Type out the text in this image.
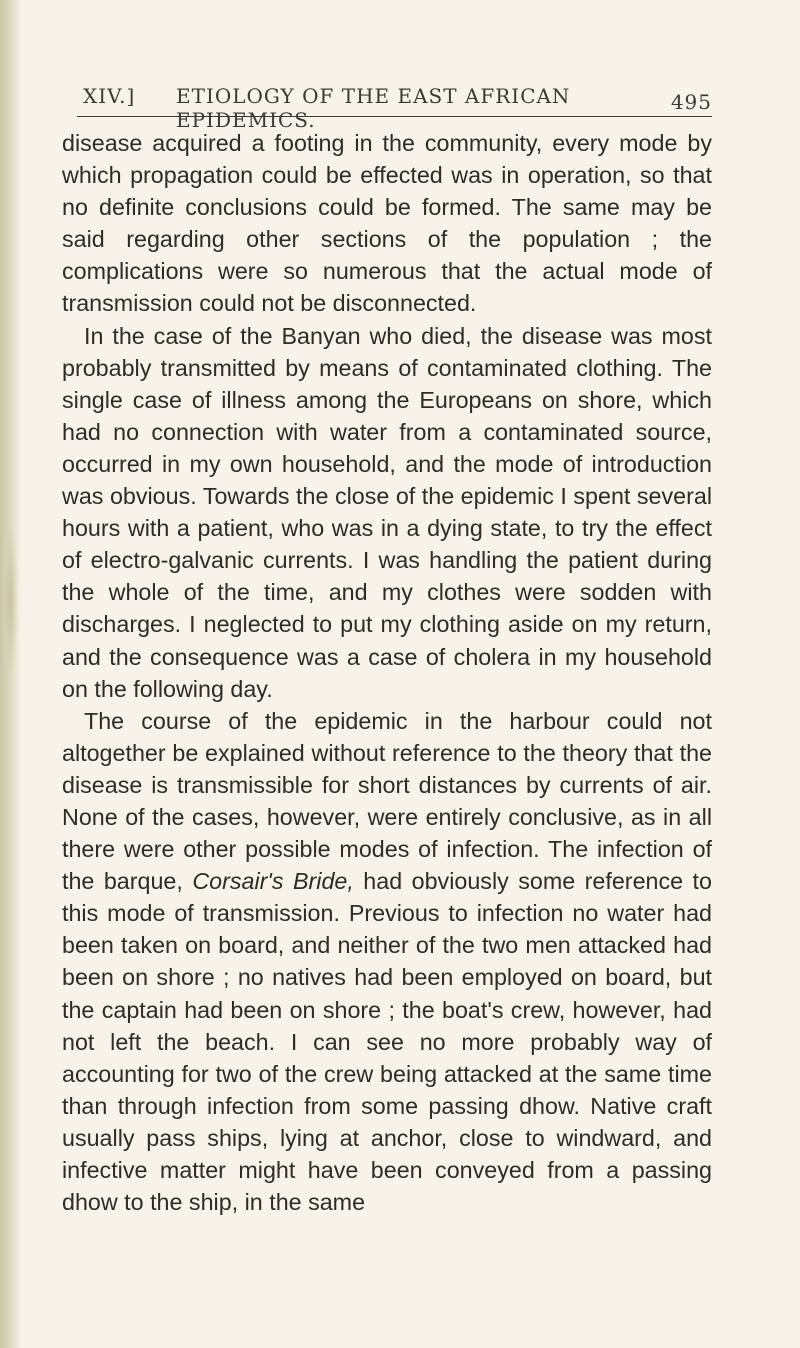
XIV.] ETIOLOGY OF THE EAST AFRICAN EPIDEMICS.
495

disease acquired a footing in the community, every mode by which propagation could be effected was in operation, so that no definite conclusions could be formed. The same may be said regarding other sections of the population ; the complications were so numerous that the actual mode of transmission could not be disconnected.

In the case of the Banyan who died, the disease was most probably transmitted by means of contaminated clothing. The single case of illness among the Europeans on shore, which had no connection with water from a contaminated source, occurred in my own household, and the mode of introduction was obvious. Towards the close of the epidemic I spent several hours with a patient, who was in a dying state, to try the effect of electro-galvanic currents. I was handling the patient during the whole of the time, and my clothes were sodden with discharges. I neglected to put my clothing aside on my return, and the consequence was a case of cholera in my household on the following day.

The course of the epidemic in the harbour could not altogether be explained without reference to the theory that the disease is transmissible for short distances by currents of air. None of the cases, however, were entirely conclusive, as in all there were other possible modes of infection. The infection of the barque, Corsair's Bride, had obviously some reference to this mode of transmission. Previous to infection no water had been taken on board, and neither of the two men attacked had been on shore ; no natives had been employed on board, but the captain had been on shore ; the boat's crew, however, had not left the beach. I can see no more probably way of accounting for two of the crew being attacked at the same time than through infection from some passing dhow. Native craft usually pass ships, lying at anchor, close to windward, and infective matter might have been conveyed from a passing dhow to the ship, in the same
